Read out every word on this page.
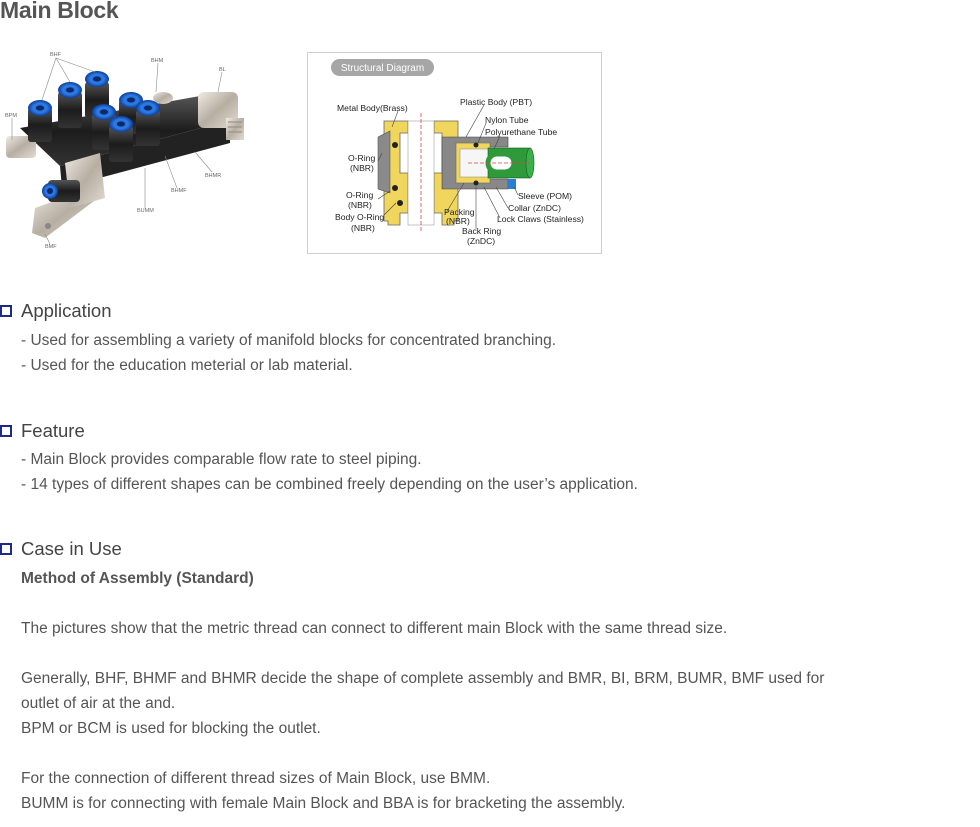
Main Block
BHF
BHM
BL
BPM
BHMR
BHMF
BUMM
BMF
Structural Diagram
Metal Body(Brass)
Plastic Body (PBT)
Nylon Tube
Polyurethane Tube
O-Ring
(NBR)
O-Ring
(NBR)
Body O-Ring
(NBR)
Packing
(NBR)
Sleeve (POM)
Collar (ZnDC)
Lock Claws (Stainless)
Back Ring
(ZnDC)
Application
- Used for assembling a variety of manifold blocks for concentrated branching.
- Used for the education meterial or lab material.
Feature
- Main Block provides comparable flow rate to steel piping.
- 14 types of different shapes can be combined freely depending on the user’s application.
Case in Use
Method of Assembly (Standard)
The pictures show that the metric thread can connect to different main Block with the same thread size.
Generally, BHF, BHMF and BHMR decide the shape of complete assembly and BMR, BI, BRM, BUMR, BMF used for
outlet of air at the and.
BPM or BCM is used for blocking the outlet.
For the connection of different thread sizes of Main Block, use BMM.
BUMM is for connecting with female Main Block and BBA is for bracketing the assembly.
